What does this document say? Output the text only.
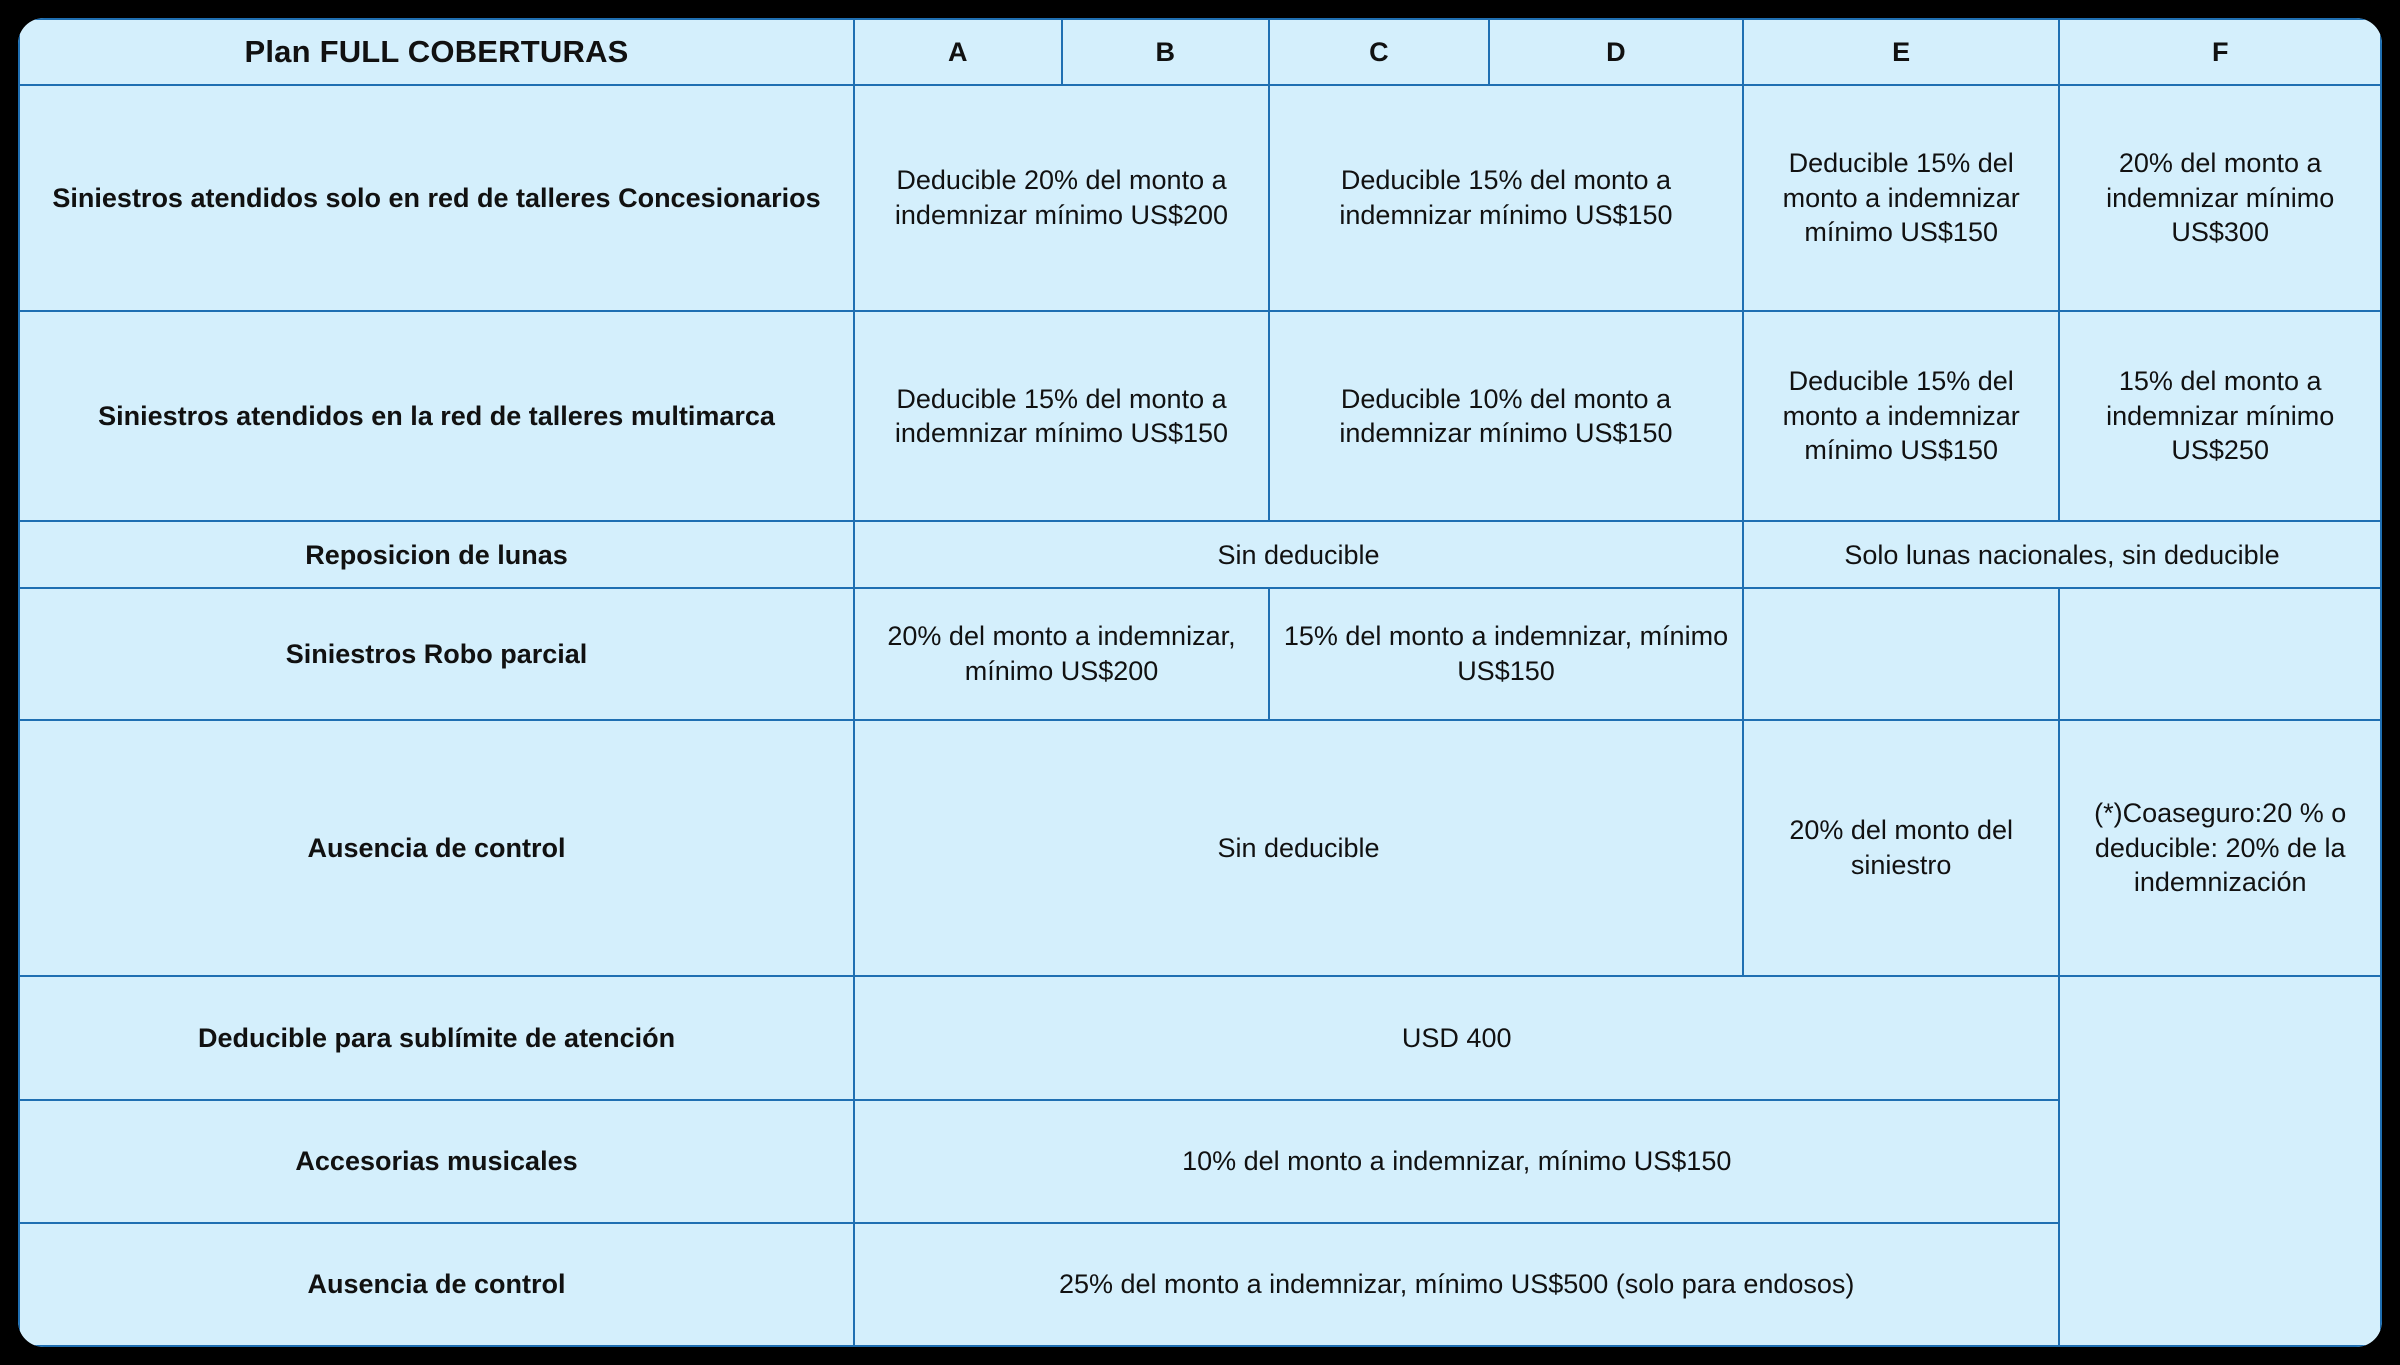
Plan FULL COBERTURAS	A	B	C	D	E	F
Siniestros atendidos solo en red de talleres Concesionarios	Deducible 20% del monto a indemnizar mínimo US$200		Deducible 15% del monto a indemnizar mínimo US$150		Deducible 15% del monto a indemnizar mínimo US$150	20% del monto a indemnizar mínimo US$300
Siniestros atendidos en la red de talleres multimarca	Deducible 15% del monto a indemnizar mínimo US$150		Deducible 10% del monto a indemnizar mínimo US$150		Deducible 15% del monto a indemnizar mínimo US$150	15% del monto a indemnizar mínimo US$250
Reposicion de lunas	Sin deducible				Solo lunas nacionales, sin deducible	
Siniestros Robo parcial	20% del monto a indemnizar, mínimo US$200		15% del monto a indemnizar, mínimo US$150			
Ausencia de control	Sin deducible				20% del monto del siniestro	(*)Coaseguro:20 % o deducible: 20% de la indemnización
Deducible para sublímite de atención	USD 400					
Accesorias musicales	10% del monto a indemnizar, mínimo US$150					
Ausencia de control	25% del monto a indemnizar, mínimo US$500 (solo para endosos)					
